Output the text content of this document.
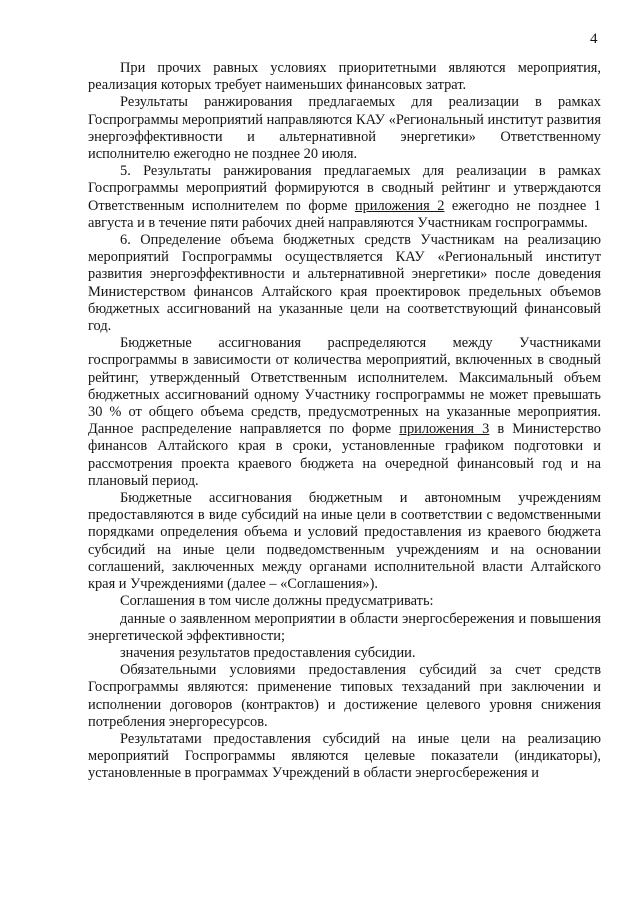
4

При прочих равных условиях приоритетными являются мероприятия, реализация которых требует наименьших финансовых затрат.

Результаты ранжирования предлагаемых для реализации в рамках Госпрограммы мероприятий направляются КАУ «Региональный институт развития энергоэффективности и альтернативной энергетики» Ответственному исполнителю ежегодно не позднее 20 июля.

5. Результаты ранжирования предлагаемых для реализации в рамках Госпрограммы мероприятий формируются в сводный рейтинг и утверждаются Ответственным исполнителем по форме приложения 2 ежегодно не позднее 1 августа и в течение пяти рабочих дней направляются Участникам госпрограммы.

6. Определение объема бюджетных средств Участникам на реализацию мероприятий Госпрограммы осуществляется КАУ «Региональный институт развития энергоэффективности и альтернативной энергетики» после доведения Министерством финансов Алтайского края проектировок предельных объемов бюджетных ассигнований на указанные цели на соответствующий финансовый год.

Бюджетные ассигнования распределяются между Участниками госпрограммы в зависимости от количества мероприятий, включенных в сводный рейтинг, утвержденный Ответственным исполнителем. Максимальный объем бюджетных ассигнований одному Участнику госпрограммы не может превышать 30 % от общего объема средств, предусмотренных на указанные мероприятия. Данное распределение направляется по форме приложения 3 в Министерство финансов Алтайского края в сроки, установленные графиком подготовки и рассмотрения проекта краевого бюджета на очередной финансовый год и на плановый период.

Бюджетные ассигнования бюджетным и автономным учреждениям предоставляются в виде субсидий на иные цели в соответствии с ведомственными порядками определения объема и условий предоставления из краевого бюджета субсидий на иные цели подведомственным учреждениям и на основании соглашений, заключенных между органами исполнительной власти Алтайского края и Учреждениями (далее – «Соглашения»).

Соглашения в том числе должны предусматривать:

данные о заявленном мероприятии в области энергосбережения и повышения энергетической эффективности;

значения результатов предоставления субсидии.

Обязательными условиями предоставления субсидий за счет средств Госпрограммы являются: применение типовых техзаданий при заключении и исполнении договоров (контрактов) и достижение целевого уровня снижения потребления энергоресурсов.

Результатами предоставления субсидий на иные цели на реализацию мероприятий Госпрограммы являются целевые показатели (индикаторы), установленные в программах Учреждений в области энергосбережения и
